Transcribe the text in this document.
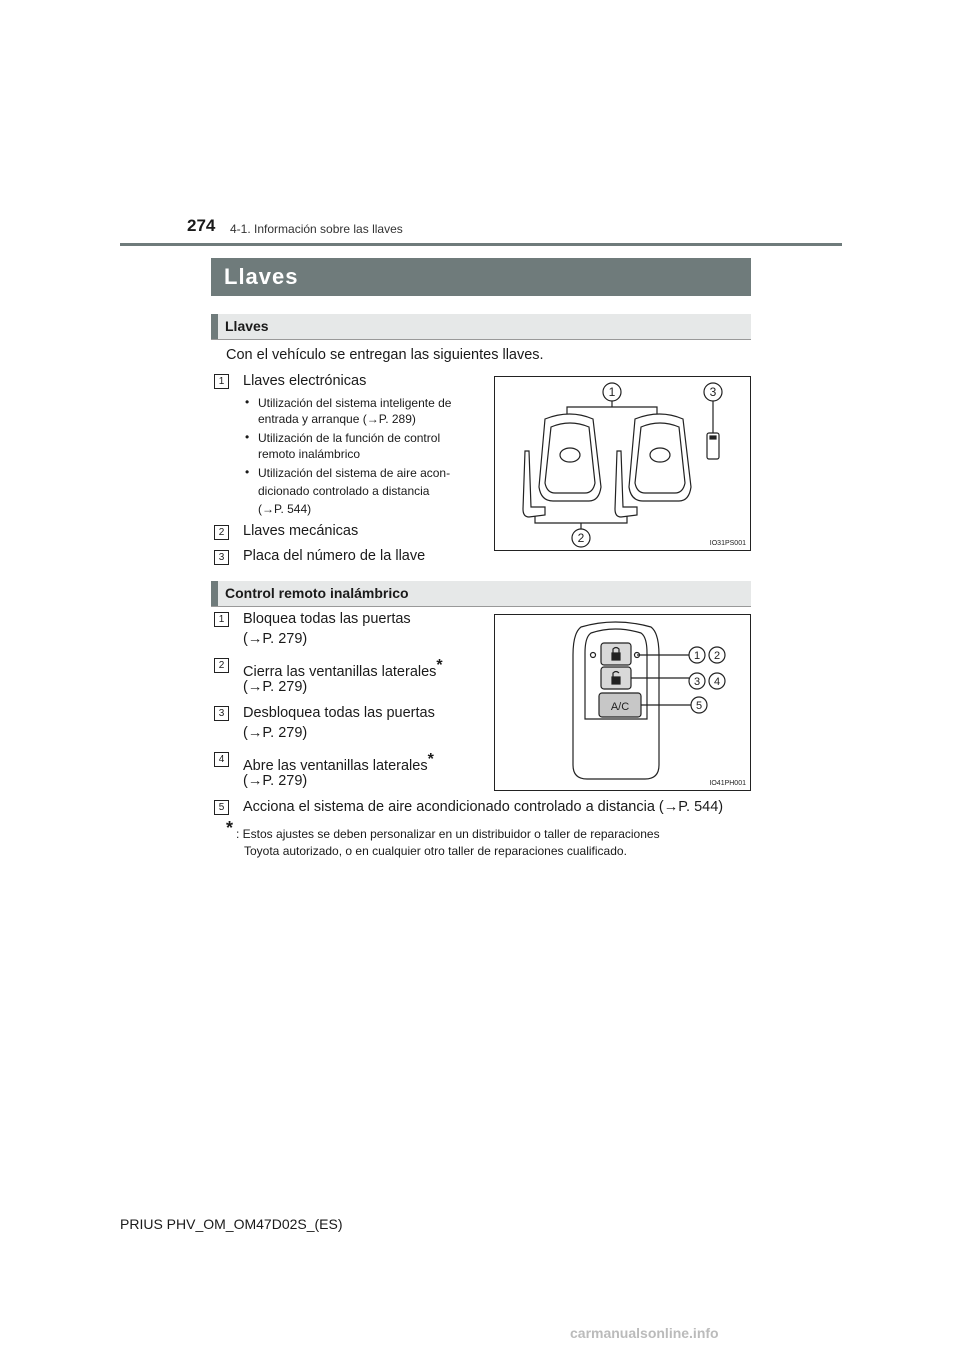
274 4-1. Información sobre las llaves
Llaves
Llaves
Con el vehículo se entregan las siguientes llaves.
1	Llaves electrónicas
• Utilización del sistema inteligente de
entrada y arranque (→P. 289)
• Utilización de la función de control
remoto inalámbrico
• Utilización del sistema de aire acon-
dicionado controlado a distancia
(→P. 544)
2	Llaves mecánicas
3	Placa del número de la llave
1	3
2	IO31PS001
Control remoto inalámbrico
1	Bloquea todas las puertas
(→P. 279)
2	Cierra las ventanillas laterales*
(→P. 279)
3	Desbloquea todas las puertas
(→P. 279)
4	Abre las ventanillas laterales*
(→P. 279)
5	Acciona el sistema de aire acondicionado controlado a distancia (→P. 544)
A/C
1 2
3 4
5
IO41PH001
* : Estos ajustes se deben personalizar en un distribuidor o taller de reparaciones
Toyota autorizado, o en cualquier otro taller de reparaciones cualificado.
PRIUS PHV_OM_OM47D02S_(ES)
carmanualsonline.info
